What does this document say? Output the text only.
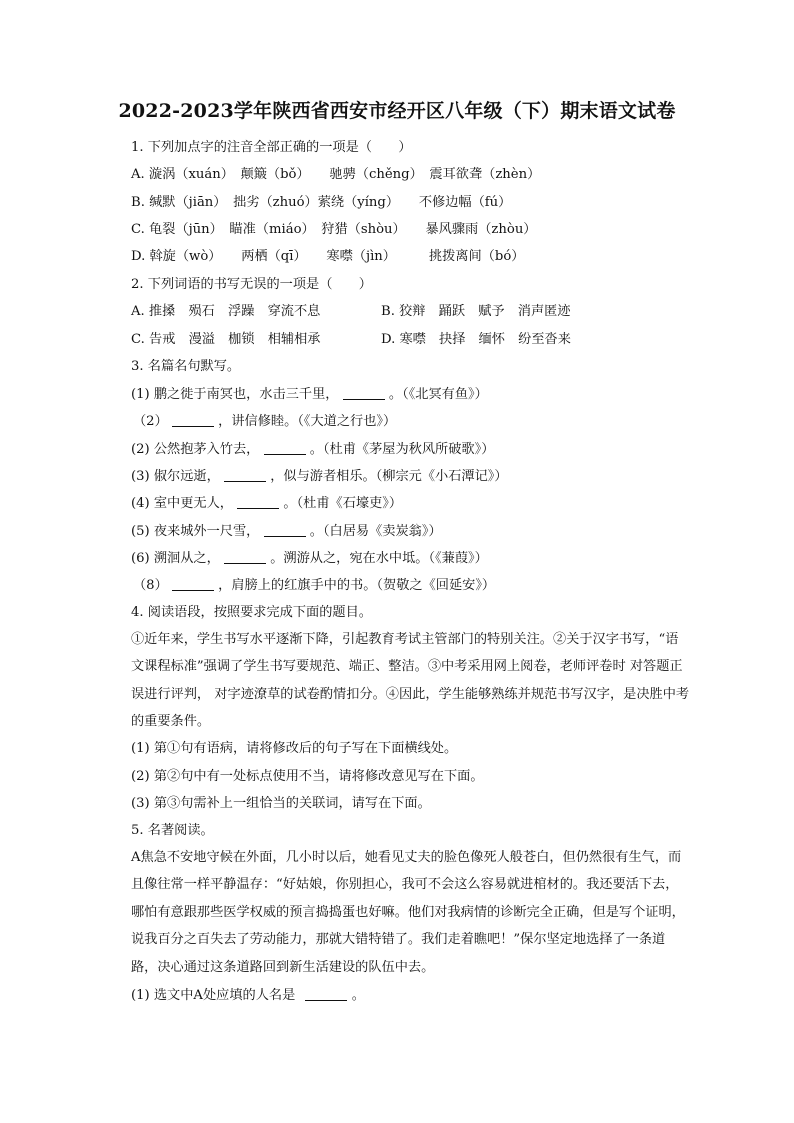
2022-2023学年陕西省西安市经开区八年级（下）期末语文试卷
1. 下列加点字的注音全部正确的一项是（　　）
A. 漩涡（xuán）　颠簸（bǒ）　　驰骋（chěng）　震耳欲聋（zhèn）
B. 缄默（jiān）　拙劣（zhuó）萦绕（yíng）　　不修边幅（fú）
C. 龟裂（jūn）　瞄准（miáo）　狩猎（shòu）　　暴风骤雨（zhòu）
D. 斡旋（wò）　　两栖（qī）　　寒噤（jìn）　　　挑拨离间（bó）
2. 下列词语的书写无误的一项是（　　）
A. 推搡　殒石　浮躁　穿流不息	B. 狡辩　踊跃　赋予　消声匿迹
C. 告戒　漫溢　枷锁　相辅相承	D. 寒噤　抉择　缅怀　纷至沓来
3. 名篇名句默写。
(1) 鹏之徙于南冥也，水击三千里，	。（《北冥有鱼》）
（2）	，讲信修睦。（《大道之行也》）
(2) 公然抱茅入竹去，	。（杜甫《茅屋为秋风所破歌》）
(3) 俶尔远逝，	，似与游者相乐。（柳宗元《小石潭记》）
(4) 室中更无人，	。（杜甫《石壕吏》）
(5) 夜来城外一尺雪，	。（白居易《卖炭翁》）
(6) 溯洄从之，	。溯游从之，宛在水中坻。（《蒹葭》）
（8）	，肩膀上的红旗手中的书。（贺敬之《回延安》）
4. 阅读语段，按照要求完成下面的题目。
①近年来，学生书写水平逐渐下降，引起教育考试主管部门的特别关注。②关于汉字书写，“语文课程标准”强调了学生书写要规范、端正、整洁。③中考采用网上阅卷，老师评卷时 对答题正误进行评判， 对字迹潦草的试卷酌情扣分。④因此，学生能够熟练并规范书写汉字，是决胜中考的重要条件。
(1) 第①句有语病，请将修改后的句子写在下面横线处。
(2) 第②句中有一处标点使用不当，请将修改意见写在下面。
(3) 第③句需补上一组恰当的关联词，请写在下面。
5. 名著阅读。
A焦急不安地守候在外面，几小时以后，她看见丈夫的脸色像死人般苍白，但仍然很有生气，而且像往常一样平静温存：“好姑娘，你别担心，我可不会这么容易就进棺材的。我还要活下去，哪怕有意跟那些医学权威的预言捣捣蛋也好嘛。他们对我病情的诊断完全正确，但是写个证明，说我百分之百失去了劳动能力，那就大错特错了。我们走着瞧吧！”保尔坚定地选择了一条道路，决心通过这条道路回到新生活建设的队伍中去。
(1) 选文中A处应填的人名是	。
